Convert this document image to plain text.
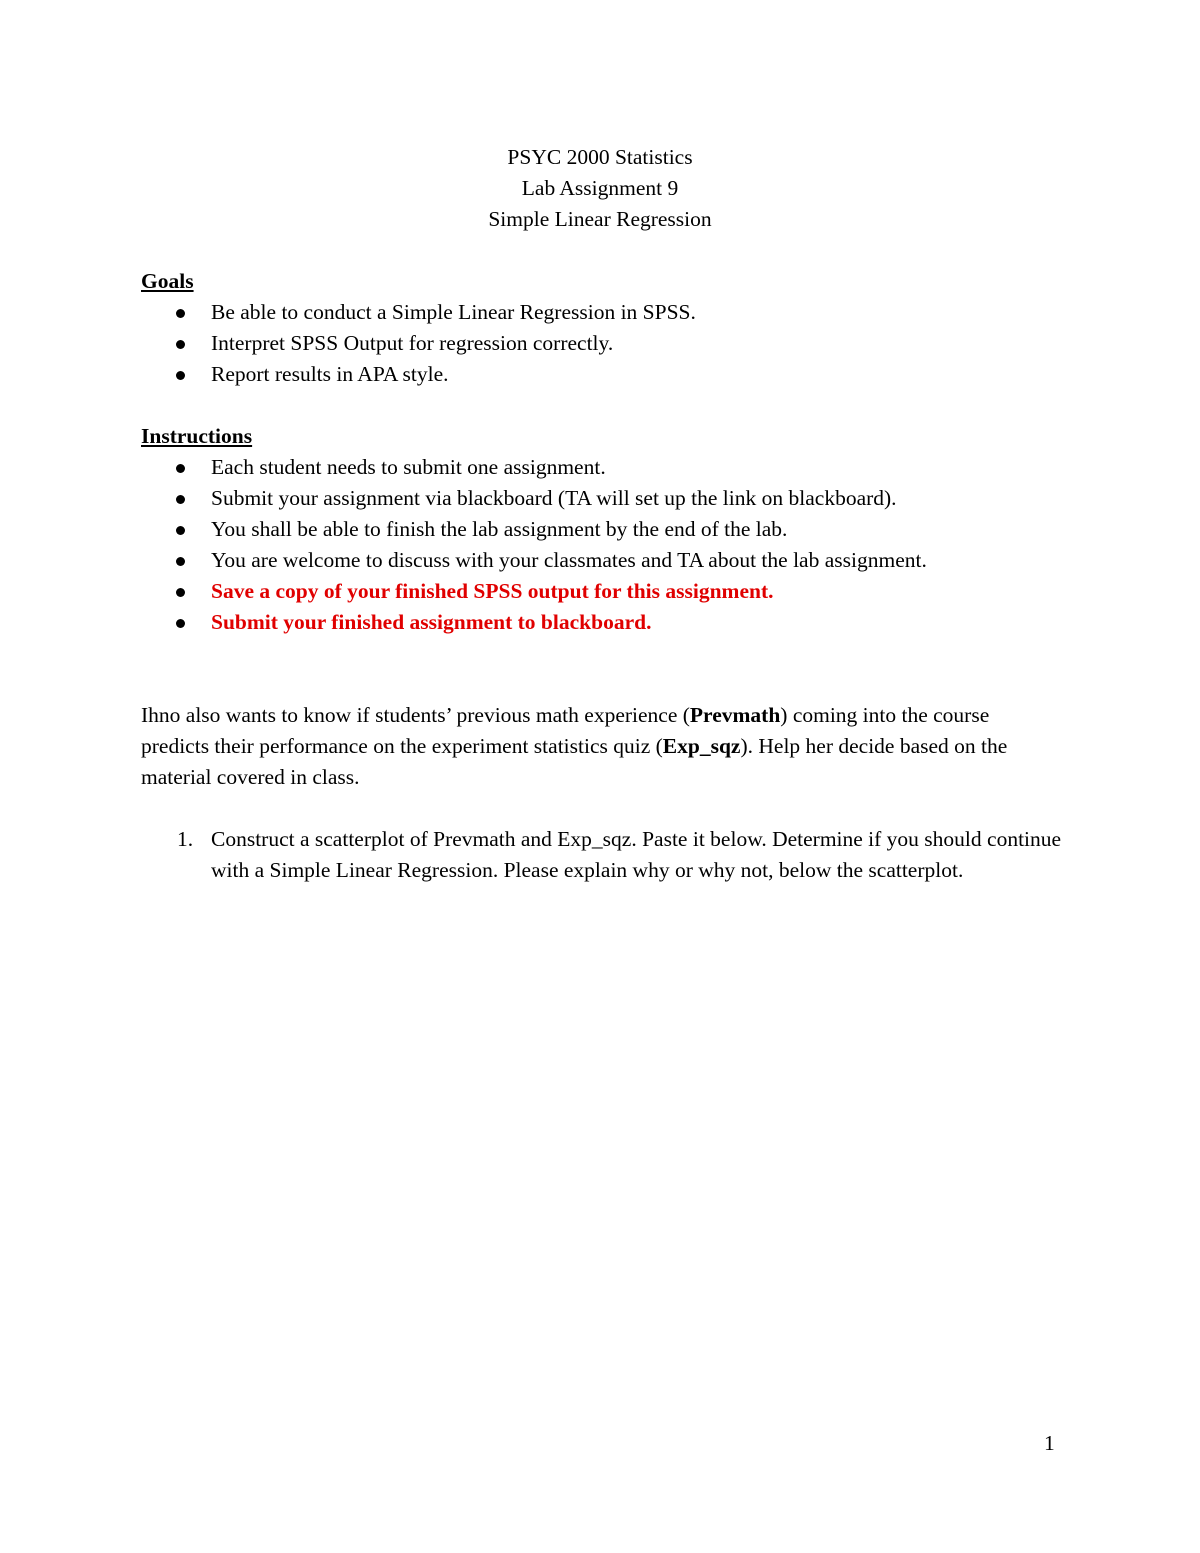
PSYC 2000 Statistics
Lab Assignment 9
Simple Linear Regression
Goals
Be able to conduct a Simple Linear Regression in SPSS.
Interpret SPSS Output for regression correctly.
Report results in APA style.
Instructions
Each student needs to submit one assignment.
Submit your assignment via blackboard (TA will set up the link on blackboard).
You shall be able to finish the lab assignment by the end of the lab.
You are welcome to discuss with your classmates and TA about the lab assignment.
Save a copy of your finished SPSS output for this assignment.
Submit your finished assignment to blackboard.
Ihno also wants to know if students’ previous math experience (Prevmath) coming into the course predicts their performance on the experiment statistics quiz (Exp_sqz). Help her decide based on the material covered in class.
1. Construct a scatterplot of Prevmath and Exp_sqz. Paste it below. Determine if you should continue with a Simple Linear Regression. Please explain why or why not, below the scatterplot.
1
